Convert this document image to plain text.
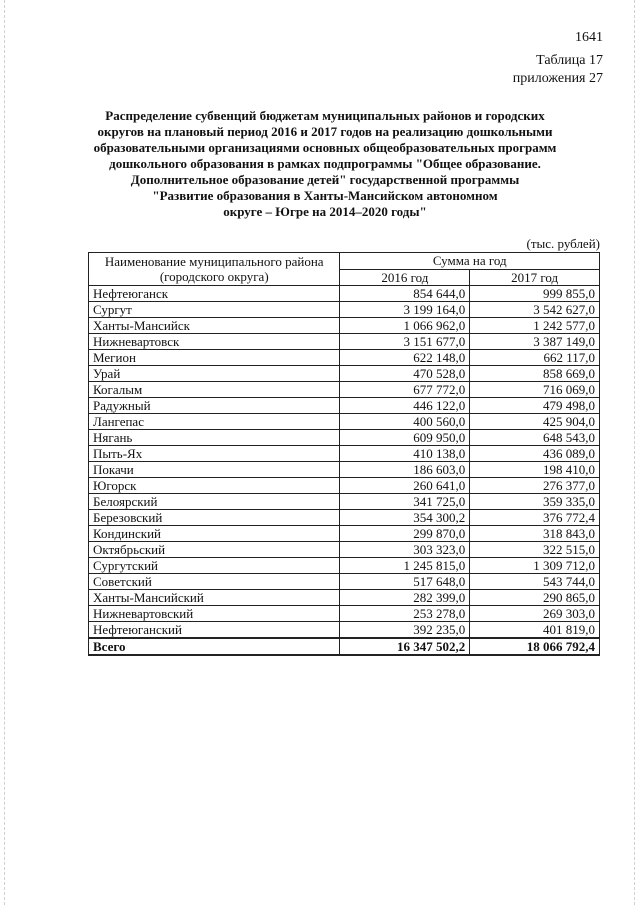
1641
Таблица 17
приложения 27
Распределение субвенций бюджетам муниципальных районов и городских
округов на плановый период 2016 и 2017 годов на реализацию дошкольными
образовательными организациями основных общеобразовательных программ
дошкольного образования в рамках подпрограммы "Общее образование.
Дополнительное образование детей" государственной программы
"Развитие образования в Ханты-Мансийском автономном
округе – Югре на 2014–2020 годы"
(тыс. рублей)
Наименование муниципального района (городского округа)	Сумма на год	
	2016 год	2017 год
Нефтеюганск	854 644,0	999 855,0
Сургут	3 199 164,0	3 542 627,0
Ханты-Мансийск	1 066 962,0	1 242 577,0
Нижневартовск	3 151 677,0	3 387 149,0
Мегион	622 148,0	662 117,0
Урай	470 528,0	858 669,0
Когалым	677 772,0	716 069,0
Радужный	446 122,0	479 498,0
Лангепас	400 560,0	425 904,0
Нягань	609 950,0	648 543,0
Пыть-Ях	410 138,0	436 089,0
Покачи	186 603,0	198 410,0
Югорск	260 641,0	276 377,0
Белоярский	341 725,0	359 335,0
Березовский	354 300,2	376 772,4
Кондинский	299 870,0	318 843,0
Октябрьский	303 323,0	322 515,0
Сургутский	1 245 815,0	1 309 712,0
Советский	517 648,0	543 744,0
Ханты-Мансийский	282 399,0	290 865,0
Нижневартовский	253 278,0	269 303,0
Нефтеюганский	392 235,0	401 819,0
Всего	16 347 502,2	18 066 792,4
